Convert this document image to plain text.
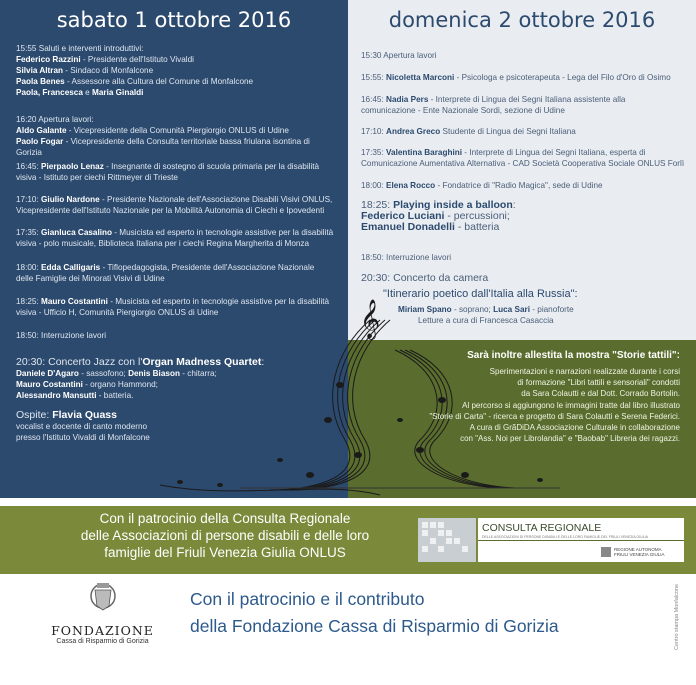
𝄞
sabato 1 ottobre 2016	domenica 2 ottobre 2016
15:55 Saluti e interventi introduttivi:
Federico Razzini - Presidente dell'Istituto Vivaldi
Silvia Altran - Sindaco di Monfalcone
Paola Benes - Assessore alla Cultura del Comune di Monfalcone
Paola, Francesca e Maria Ginaldi
16:20 Apertura lavori:
Aldo Galante - Vicepresidente della Comunità Piergiorgio ONLUS di Udine
Paolo Fogar - Vicepresidente della Consulta territoriale bassa friulana isontina di Gorizia
16:45: Pierpaolo Lenaz - Insegnante di sostegno di scuola primaria per la disabilità
visiva - Istituto per ciechi Rittmeyer di Trieste
17:10: Giulio Nardone - Presidente Nazionale dell'Associazione Disabili Visivi ONLUS,
Vicepresidente dell'Istituto Nazionale per la Mobilità Autonomia di Ciechi e Ipovedenti
17:35: Gianluca Casalino - Musicista ed esperto in tecnologie assistive per la disabilità
visiva - polo musicale, Biblioteca Italiana per i ciechi Regina Margherita di Monza
18:00: Edda Calligaris - Tiflopedagogista, Presidente dell'Associazione Nazionale
delle Famiglie dei Minorati Visivi di Udine
18:25: Mauro Costantini - Musicista ed esperto in tecnologie assistive per la disabilità
visiva - Ufficio H, Comunità Piergiorgio ONLUS di Udine
18:50: Interruzione lavori
20:30: Concerto Jazz con l'Organ Madness Quartet:
Daniele D'Agaro - sassofono; Denis Biason - chitarra;
Mauro Costantini - organo Hammond;
Alessandro Mansutti - batteria.
Ospite: Flavia Quass
vocalist e docente di canto moderno
presso l'Istituto Vivaldi di Monfalcone
15:30 Apertura lavori
15:55: Nicoletta Marconi - Psicologa e psicoterapeuta - Lega del Filo d'Oro di Osimo
16:45: Nadia Pers - Interprete di Lingua dei Segni Italiana assistente alla
comunicazione - Ente Nazionale Sordi, sezione di Udine
17:10: Andrea Greco Studente di Lingua dei Segni Italiana
17:35: Valentina Baraghini - Interprete di Lingua dei Segni Italiana, esperta di
Comunicazione Aumentativa Alternativa - CAD Società Cooperativa Sociale ONLUS Forlì
18:00: Elena Rocco - Fondatrice di "Radio Magica", sede di Udine
18:25: Playing inside a balloon:
Federico Luciani - percussioni;
Emanuel Donadelli - batteria
18:50: Interruzione lavori
20:30: Concerto da camera
"Itinerario poetico dall'Italia alla Russia":
Miriam Spano - soprano; Luca Sari - pianoforte
Letture a cura di Francesca Casaccia
Sarà inoltre allestita la mostra "Storie tattili":
Sperimentazioni e narrazioni realizzate durante i corsi
di formazione "Libri tattili e sensoriali" condotti
da Sara Colautti e dal Dott. Corrado Bortolin.
Al percorso si aggiungono le immagini tratte dal libro illustrato
"Storie di Carta" - ricerca e progetto di Sara Colautti e Serena Federici.
A cura di GrãDiDA Associazione Culturale in collaborazione
con "Ass. Noi per Librolandia" e "Baobab" Libreria dei ragazzi.
Con il patrocinio della Consulta Regionale
delle Associazioni di persone disabili e delle loro
famiglie del Friuli Venezia Giulia ONLUS
CONSULTA REGIONALE
DELLE ASSOCIAZIONI DI PERSONE DISABILI E DELLE LORO FAMIGLIE DEL FRIULI VENEZIA GIULIA
REGIONE AUTONOMA FRIULI VENEZIA GIULIA
FONDAZIONE
Cassa di Risparmio di Gorizia
Con il patrocinio e il contributo
della Fondazione Cassa di Risparmio di Gorizia	Centro stampa Monfalcone
